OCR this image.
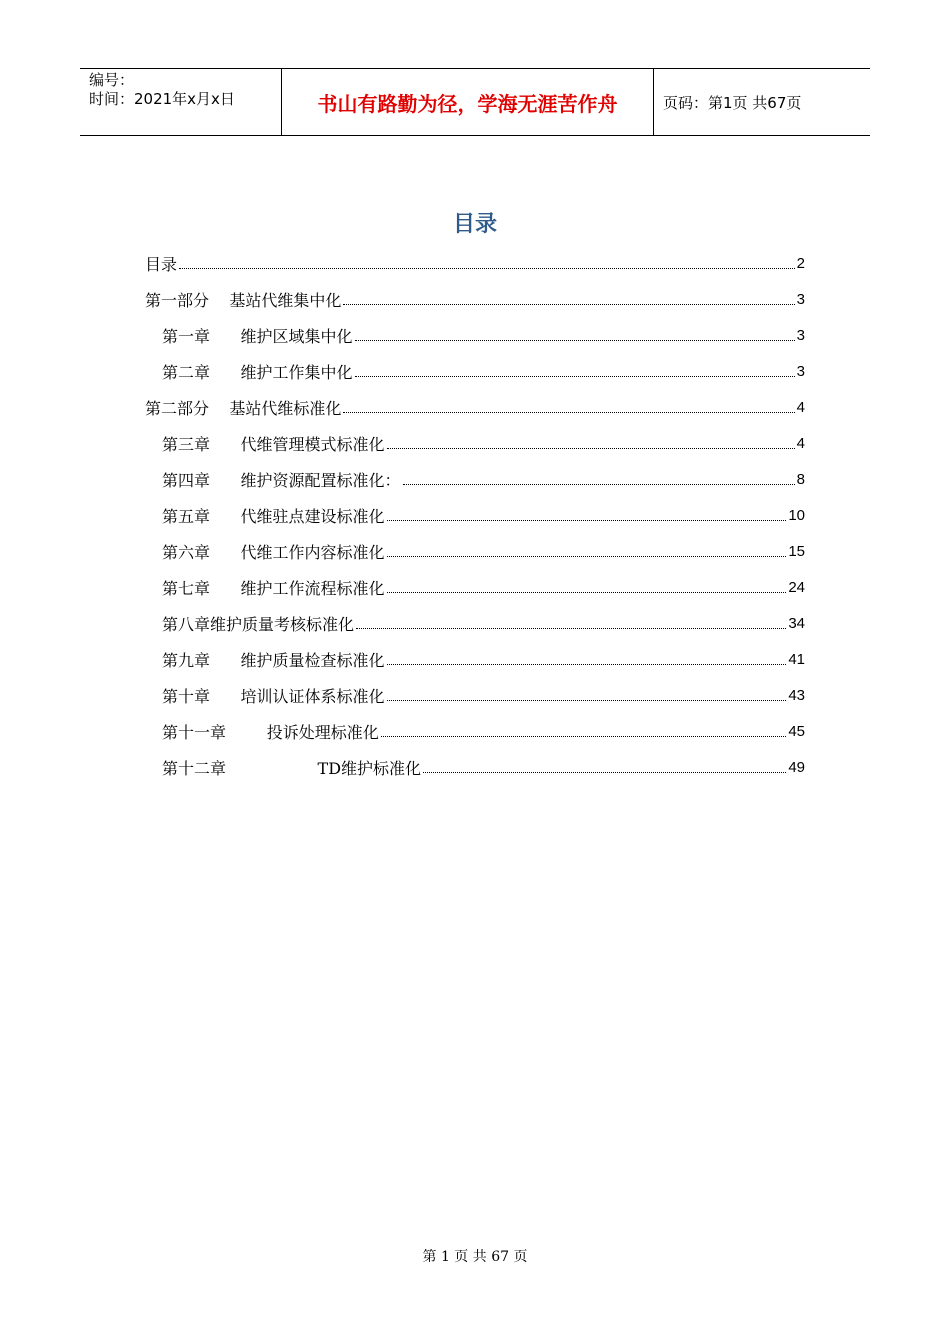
编号：
时间：2021年x月x日	书山有路勤为径，学海无涯苦作舟	页码：第1页 共67页
目录
目录	2
第一部分    基站代维集中化	3
第一章      维护区域集中化	3
第二章      维护工作集中化	3
第二部分    基站代维标准化	4
第三章      代维管理模式标准化	4
第四章      维护资源配置标准化：	8
第五章      代维驻点建设标准化	10
第六章      代维工作内容标准化	15
第七章      维护工作流程标准化	24
第八章维护质量考核标准化	34
第九章      维护质量检查标准化	41
第十章      培训认证体系标准化	43
第十一章        投诉处理标准化	45
第十二章                  TD维护标准化	49
第 1 页 共 67 页
